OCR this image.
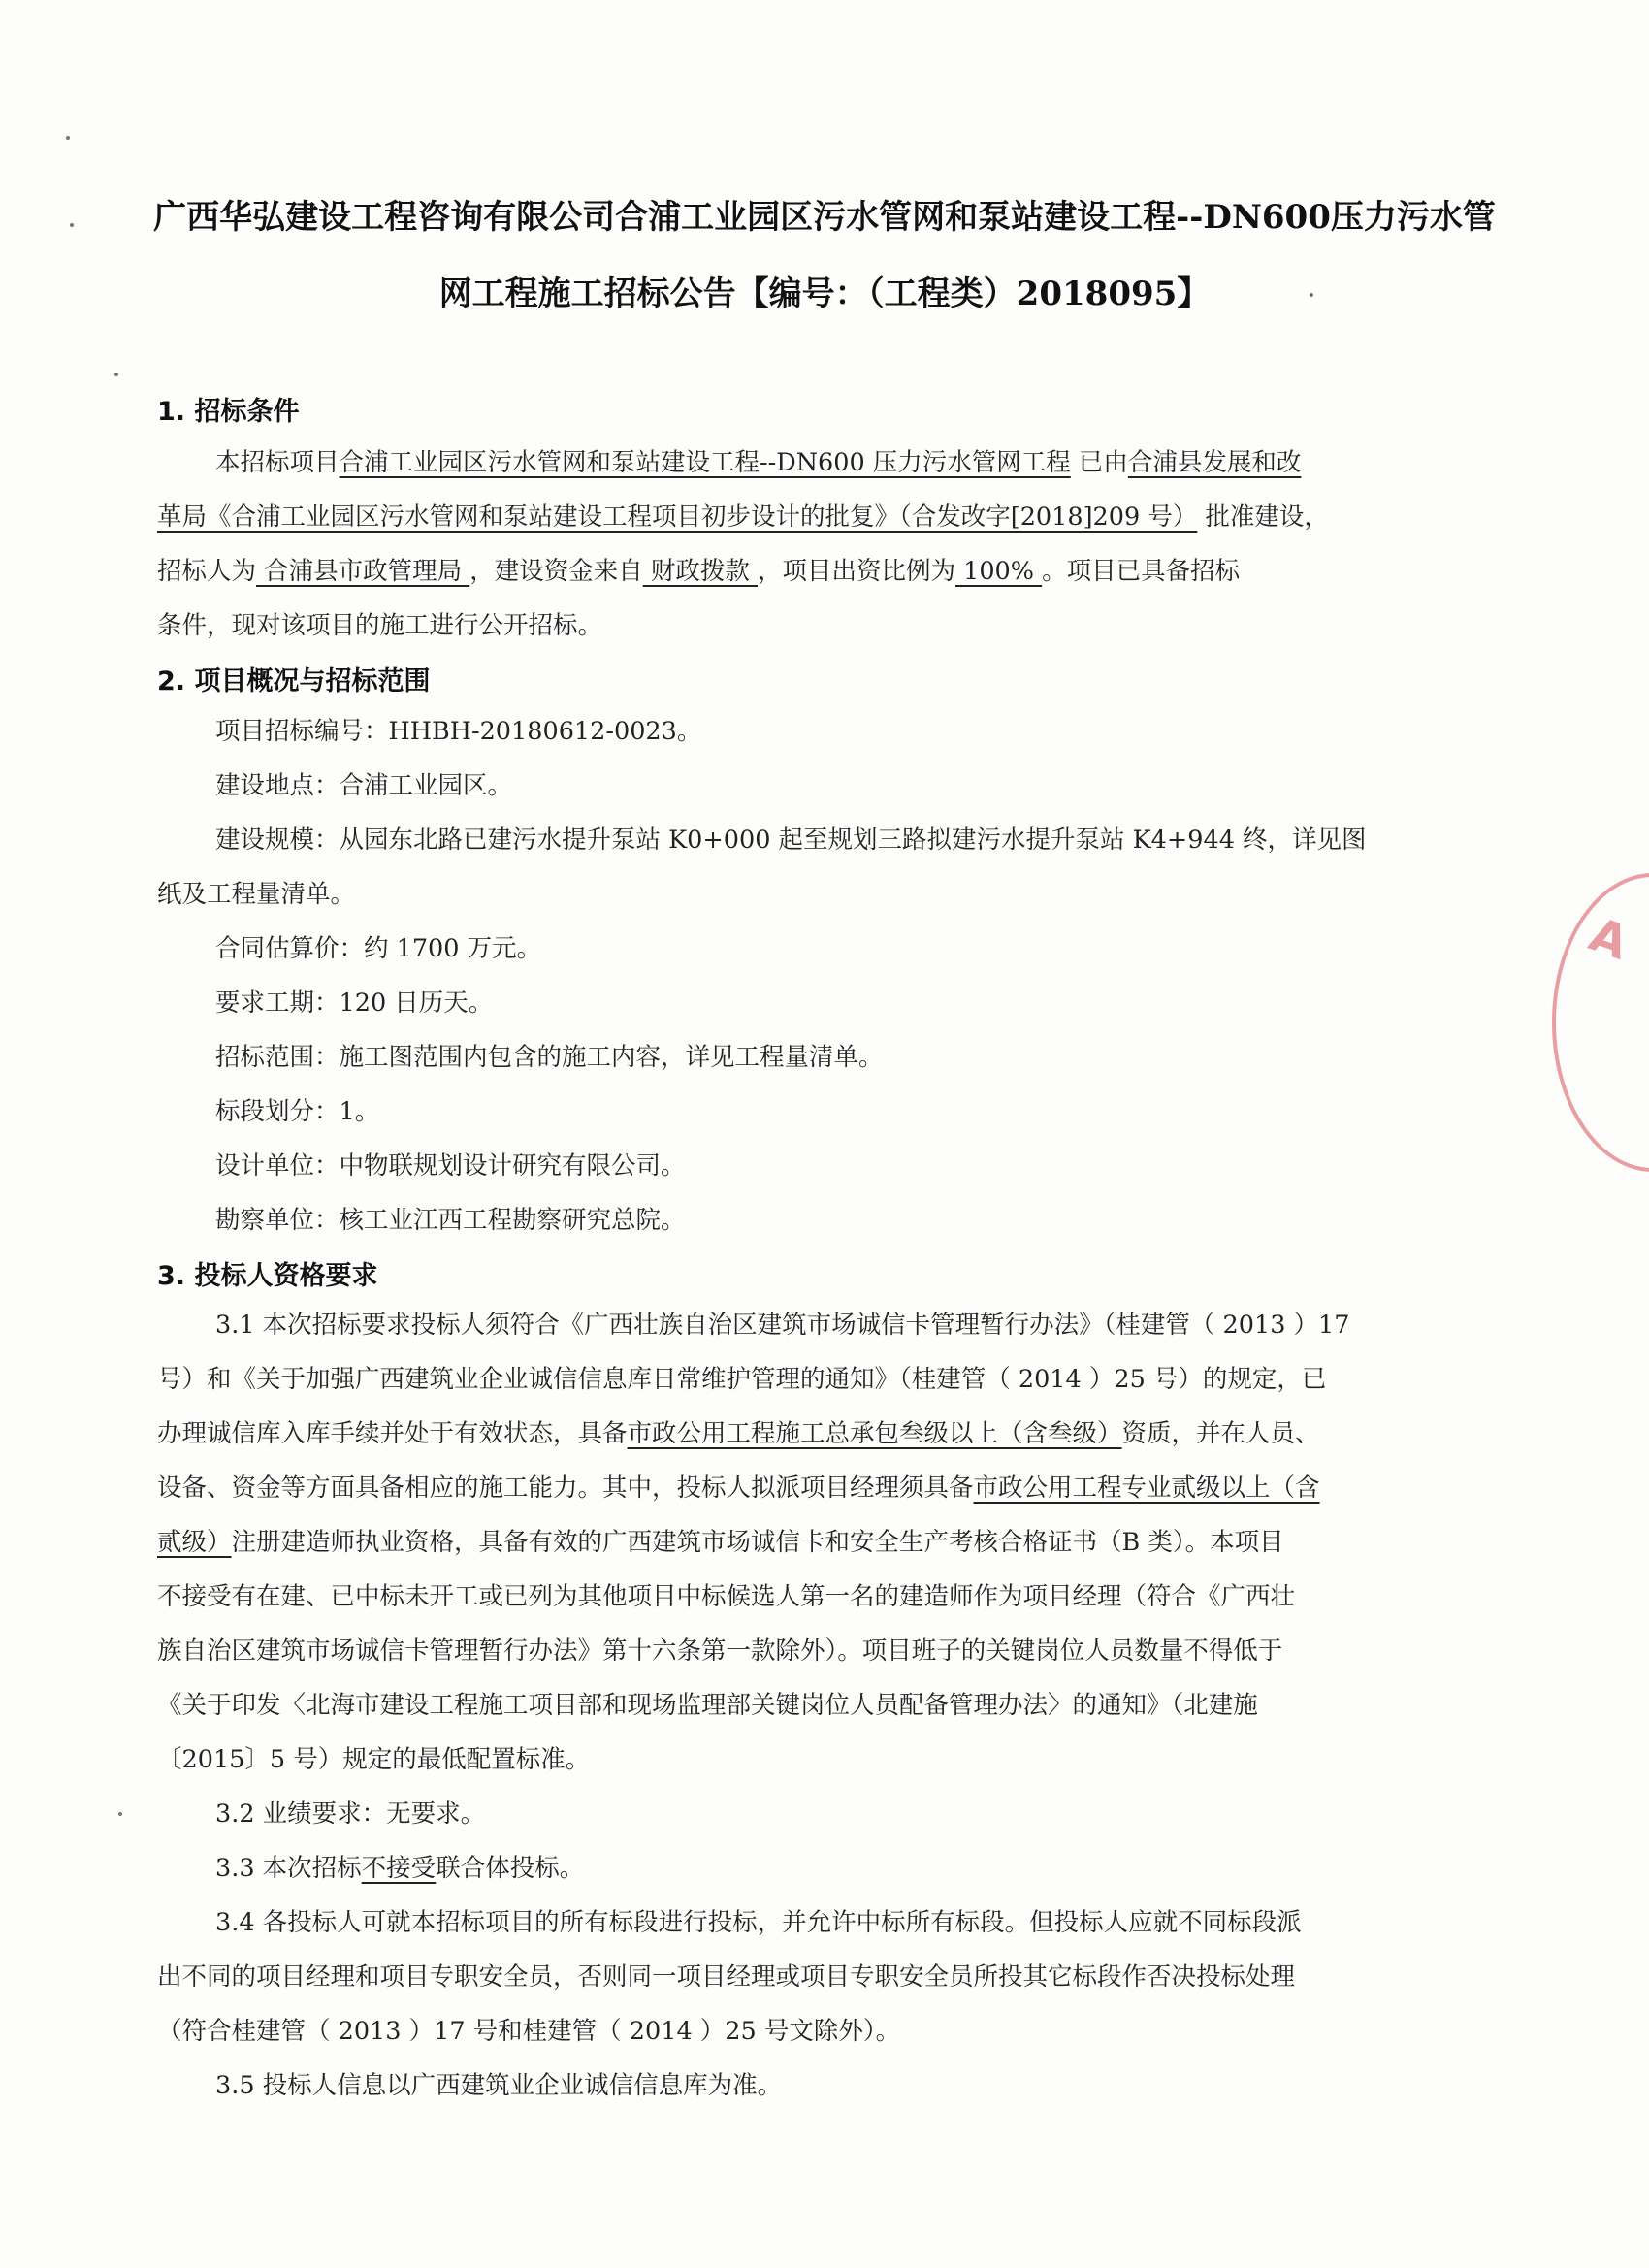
广西华弘建设工程咨询有限公司合浦工业园区污水管网和泵站建设工程--DN600压力污水管
网工程施工招标公告【编号：（工程类）2018095】
1. 招标条件
本招标项目合浦工业园区污水管网和泵站建设工程--DN600 压力污水管网工程 已由合浦县发展和改
革局《合浦工业园区污水管网和泵站建设工程项目初步设计的批复》（合发改字[2018]209 号） 批准建设，
招标人为 合浦县市政管理局 ，建设资金来自 财政拨款 ，项目出资比例为 100% 。项目已具备招标
条件，现对该项目的施工进行公开招标。
2. 项目概况与招标范围
项目招标编号：HHBH-20180612-0023。
建设地点：合浦工业园区。
建设规模：从园东北路已建污水提升泵站 K0+000 起至规划三路拟建污水提升泵站 K4+944 终，详见图
纸及工程量清单。
合同估算价：约 1700 万元。
要求工期：120 日历天。
招标范围：施工图范围内包含的施工内容，详见工程量清单。
标段划分：1。
设计单位：中物联规划设计研究有限公司。
勘察单位：核工业江西工程勘察研究总院。
3. 投标人资格要求
3.1 本次招标要求投标人须符合《广西壮族自治区建筑市场诚信卡管理暂行办法》（桂建管（ 2013 ）17
号）和《关于加强广西建筑业企业诚信信息库日常维护管理的通知》（桂建管（ 2014 ）25 号）的规定，已
办理诚信库入库手续并处于有效状态，具备市政公用工程施工总承包叁级以上（含叁级）资质，并在人员、
设备、资金等方面具备相应的施工能力。其中，投标人拟派项目经理须具备市政公用工程专业贰级以上（含
贰级）注册建造师执业资格，具备有效的广西建筑市场诚信卡和安全生产考核合格证书（B 类）。本项目
不接受有在建、已中标未开工或已列为其他项目中标候选人第一名的建造师作为项目经理（符合《广西壮
族自治区建筑市场诚信卡管理暂行办法》第十六条第一款除外）。项目班子的关键岗位人员数量不得低于
《关于印发〈北海市建设工程施工项目部和现场监理部关键岗位人员配备管理办法〉的通知》（北建施
〔2015〕5 号）规定的最低配置标准。
3.2 业绩要求：无要求。
3.3 本次招标不接受联合体投标。
3.4 各投标人可就本招标项目的所有标段进行投标，并允许中标所有标段。但投标人应就不同标段派
出不同的项目经理和项目专职安全员，否则同一项目经理或项目专职安全员所投其它标段作否决投标处理
（符合桂建管（ 2013 ）17 号和桂建管（ 2014 ）25 号文除外）。
3.5 投标人信息以广西建筑业企业诚信信息库为准。
A
